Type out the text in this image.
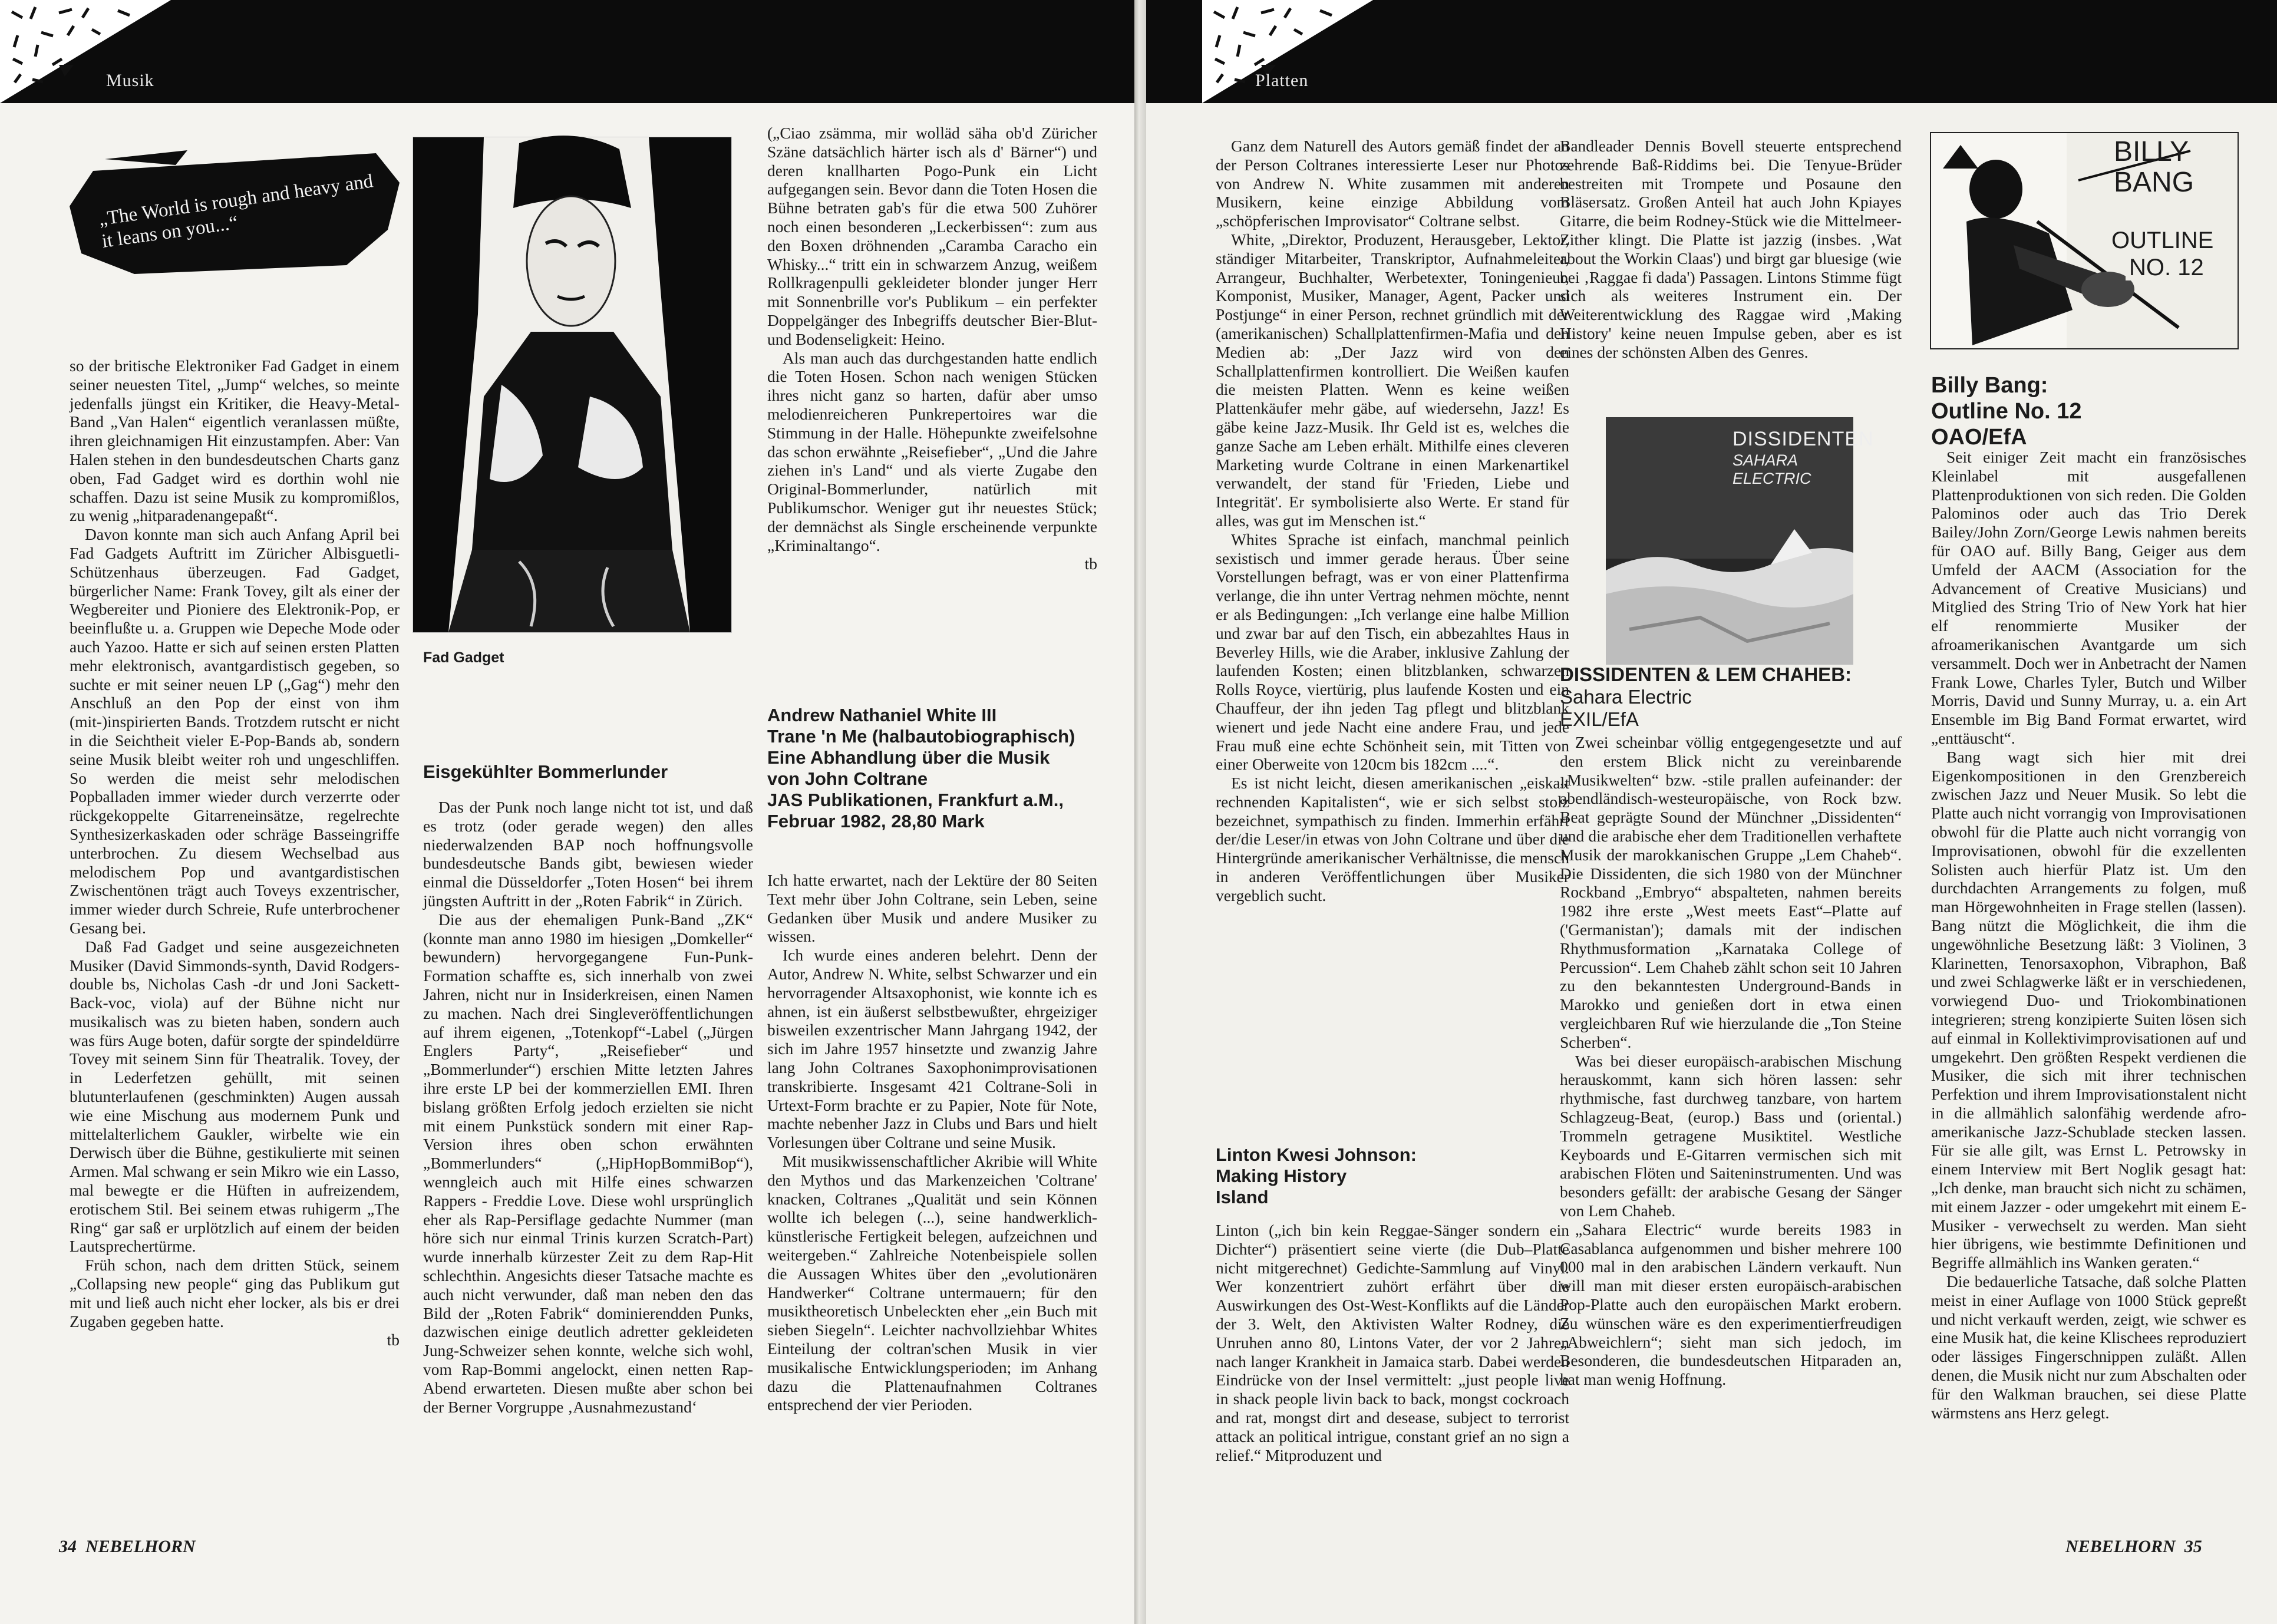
Musik
„The World is rough and heavy and it leans on you...“
Fad Gadget

so der britische Elektroniker Fad Gadget in einem seiner neuesten Titel, „Jump“ welches, so meinte jedenfalls jüngst ein Kritiker, die Heavy-Metal-Band „Van Halen“ eigentlich veranlassen müßte, ihren gleichnamigen Hit einzustampfen. Aber: Van Halen stehen in den bundesdeutschen Charts ganz oben, Fad Gadget wird es dorthin wohl nie schaffen. Dazu ist seine Musik zu kompromißlos, zu wenig „hitparadenangepaßt“.

Davon konnte man sich auch Anfang April bei Fad Gadgets Auftritt im Züricher Albisguetli-Schützenhaus überzeugen. Fad Gadget, bürgerlicher Name: Frank Tovey, gilt als einer der Wegbereiter und Pioniere des Elektronik-Pop, er beeinflußte u. a. Gruppen wie Depeche Mode oder auch Yazoo. Hatte er sich auf seinen ersten Platten mehr elektronisch, avantgardistisch gegeben, so suchte er mit seiner neuen LP („Gag“) mehr den Anschluß an den Pop der einst von ihm (mit-)inspirierten Bands. Trotzdem rutscht er nicht in die Seichtheit vieler E-Pop-Bands ab, sondern seine Musik bleibt weiter roh und ungeschliffen. So werden die meist sehr melodischen Popballaden immer wieder durch verzerrte oder rückgekoppelte Gitarreneinsätze, regelrechte Synthesizerkaskaden oder schräge Basseingriffe unterbrochen. Zu diesem Wechselbad aus melodischem Pop und avantgardistischen Zwischentönen trägt auch Toveys exzentrischer, immer wieder durch Schreie, Rufe unterbrochener Gesang bei.

Daß Fad Gadget und seine ausgezeichneten Musiker (David Simmonds-synth, David Rodgers-double bs, Nicholas Cash -dr und Joni Sackett-Back-voc, viola) auf der Bühne nicht nur musikalisch was zu bieten haben, sondern auch was fürs Auge boten, dafür sorgte der spindeldürre Tovey mit seinem Sinn für Theatralik. Tovey, der in Lederfetzen gehüllt, mit seinen blutunterlaufenen (geschminkten) Augen aussah wie eine Mischung aus modernem Punk und mittelalterlichem Gaukler, wirbelte wie ein Derwisch über die Bühne, gestikulierte mit seinen Armen. Mal schwang er sein Mikro wie ein Lasso, mal bewegte er die Hüften in aufreizendem, erotischem Stil. Bei seinem etwas ruhigerm „The Ring“ gar saß er urplötzlich auf einem der beiden Lautsprechertürme.

Früh schon, nach dem dritten Stück, seinem „Collapsing new people“ ging das Publikum gut mit und ließ auch nicht eher locker, als bis er drei Zugaben gegeben hatte.

tb

Eisgekühlter Bommerlunder

Das der Punk noch lange nicht tot ist, und daß es trotz (oder gerade wegen) den alles niederwalzenden BAP noch hoffnungsvolle bundesdeutsche Bands gibt, bewiesen wieder einmal die Düsseldorfer „Toten Hosen“ bei ihrem jüngsten Auftritt in der „Roten Fabrik“ in Zürich.

Die aus der ehemaligen Punk-Band „ZK“ (konnte man anno 1980 im hiesigen „Domkeller“ bewundern) hervorgegangene Fun-Punk-Formation schaffte es, sich innerhalb von zwei Jahren, nicht nur in Insiderkreisen, einen Namen zu machen. Nach drei Singleveröffentlichungen auf ihrem eigenen, „Totenkopf“-Label („Jürgen Englers Party“, „Reisefieber“ und „Bommerlunder“) erschien Mitte letzten Jahres ihre erste LP bei der kommerziellen EMI. Ihren bislang größten Erfolg jedoch erzielten sie nicht mit einem Punkstück sondern mit einer Rap-Version ihres oben schon erwähnten „Bommerlunders“ („HipHopBommiBop“), wenngleich auch mit Hilfe eines schwarzen Rappers - Freddie Love. Diese wohl ursprünglich eher als Rap-Persiflage gedachte Nummer (man höre sich nur einmal Trinis kurzen Scratch-Part) wurde innerhalb kürzester Zeit zu dem Rap-Hit schlechthin. Angesichts dieser Tatsache machte es auch nicht verwunder, daß man neben den das Bild der „Roten Fabrik“ dominierendden Punks, dazwischen einige deutlich adretter gekleideten Jung-Schweizer sehen konnte, welche sich wohl, vom Rap-Bommi angelockt, einen netten Rap-Abend erwarteten. Diesen mußte aber schon bei der Berner Vorgruppe ‚Ausnahmezustand‘

(„Ciao zsämma, mir wolläd säha ob'd Züricher Szäne datsächlich härter isch als d' Bärner“) und deren knallharten Pogo-Punk ein Licht aufgegangen sein. Bevor dann die Toten Hosen die Bühne betraten gab's für die etwa 500 Zuhörer noch einen besonderen „Leckerbissen“: zum aus den Boxen dröhnenden „Caramba Caracho ein Whisky...“ tritt ein in schwarzem Anzug, weißem Rollkragenpulli gekleideter blonder junger Herr mit Sonnenbrille vor's Publikum – ein perfekter Doppelgänger des Inbegriffs deutscher Bier-Blut- und Bodenseligkeit: Heino.

Als man auch das durchgestanden hatte endlich die Toten Hosen. Schon nach wenigen Stücken ihres nicht ganz so harten, dafür aber umso melodienreicheren Punkrepertoires war die Stimmung in der Halle. Höhepunkte zweifelsohne das schon erwähnte „Reisefieber“, „Und die Jahre ziehen in's Land“ und als vierte Zugabe den Original-Bommerlunder, natürlich mit Publikumschor. Weniger gut ihr neuestes Stück; der demnächst als Single erscheinende verpunkte „Kriminaltango“.

tb

Andrew Nathaniel White III
Trane 'n Me (halbautobiographisch)
Eine Abhandlung über die Musik
von John Coltrane
JAS Publikationen, Frankfurt a.M.,
Februar 1982, 28,80 Mark

Ich hatte erwartet, nach der Lektüre der 80 Seiten Text mehr über John Coltrane, sein Leben, seine Gedanken über Musik und andere Musiker zu wissen.

Ich wurde eines anderen belehrt. Denn der Autor, Andrew N. White, selbst Schwarzer und ein hervorragender Altsaxophonist, wie konnte ich es ahnen, ist ein äußerst selbstbewußter, ehrgeiziger bisweilen exzentrischer Mann Jahrgang 1942, der sich im Jahre 1957 hinsetzte und zwanzig Jahre lang John Coltranes Saxophonimprovisationen transkribierte. Insgesamt 421 Coltrane-Soli in Urtext-Form brachte er zu Papier, Note für Note, machte nebenher Jazz in Clubs und Bars und hielt Vorlesungen über Coltrane und seine Musik.

Mit musikwissenschaftlicher Akribie will White den Mythos und das Markenzeichen 'Coltrane' knacken, Coltranes „Qualität und sein Können wollte ich belegen (...), seine handwerklich-künstlerische Fertigkeit belegen, aufzeichnen und weitergeben.“ Zahlreiche Notenbeispiele sollen die Aussagen Whites über den „evolutionären Handwerker“ Coltrane untermauern; für den musiktheoretisch Unbeleckten eher „ein Buch mit sieben Siegeln“. Leichter nachvollziehbar Whites Einteilung der coltran'schen Musik in vier musikalische Entwicklungsperioden; im Anhang dazu die Plattenaufnahmen Coltranes entsprechend der vier Perioden.

34 NEBELHORN
Platten

Ganz dem Naturell des Autors gemäß findet der an der Person Coltranes interessierte Leser nur Photos von Andrew N. White zusammen mit anderen Musikern, keine einzige Abbildung vom „schöpferischen Improvisator“ Coltrane selbst.

White, „Direktor, Produzent, Herausgeber, Lektor, ständiger Mitarbeiter, Transkriptor, Aufnahmeleiter, Arrangeur, Buchhalter, Werbetexter, Toningenieur, Komponist, Musiker, Manager, Agent, Packer und Postjunge“ in einer Person, rechnet gründlich mit der (amerikanischen) Schallplattenfirmen-Mafia und den Medien ab: „Der Jazz wird von den Schallplattenfirmen kontrolliert. Die Weißen kaufen die meisten Platten. Wenn es keine weißen Plattenkäufer mehr gäbe, auf wiedersehn, Jazz! Es gäbe keine Jazz-Musik. Ihr Geld ist es, welches die ganze Sache am Leben erhält. Mithilfe eines cleveren Marketing wurde Coltrane in einen Markenartikel verwandelt, der stand für 'Frieden, Liebe und Integrität'. Er symbolisierte also Werte. Er stand für alles, was gut im Menschen ist.“

Whites Sprache ist einfach, manchmal peinlich sexistisch und immer gerade heraus. Über seine Vorstellungen befragt, was er von einer Plattenfirma verlange, die ihn unter Vertrag nehmen möchte, nennt er als Bedingungen: „Ich verlange eine halbe Million und zwar bar auf den Tisch, ein abbezahltes Haus in Beverley Hills, wie die Araber, inklusive Zahlung der laufenden Kosten; einen blitzblanken, schwarzen Rolls Royce, viertürig, plus laufende Kosten und ein Chauffeur, der ihn jeden Tag pflegt und blitzblank wienert und jede Nacht eine andere Frau, und jede Frau muß eine echte Schönheit sein, mit Titten von einer Oberweite von 120cm bis 182cm ....“.

Es ist nicht leicht, diesen amerikanischen „eiskalt rechnenden Kapitalisten“, wie er sich selbst stolz bezeichnet, sympathisch zu finden. Immerhin erfährt der/die Leser/in etwas von John Coltrane und über die Hintergründe amerikanischer Verhältnisse, die mensch in anderen Veröffentlichungen über Musiker vergeblich sucht.

Linton Kwesi Johnson:
Making History
Island

Linton („ich bin kein Reggae-Sänger sondern ein Dichter“) präsentiert seine vierte (die Dub–Platte nicht mitgerechnet) Gedichte-Sammlung auf Vinyl. Wer konzentriert zuhört erfährt über die Auswirkungen des Ost-West-Konflikts auf die Länder der 3. Welt, den Aktivisten Walter Rodney, die Unruhen anno 80, Lintons Vater, der vor 2 Jahren nach langer Krankheit in Jamaica starb. Dabei werden Eindrücke von der Insel vermittelt: „just people live in shack people livin back to back, mongst cockroach and rat, mongst dirt and desease, subject to terrorist attack an political intrigue, constant grief an no sign a relief.“ Mitproduzent und

Bandleader Dennis Bovell steuerte entsprechend zehrende Baß-Riddims bei. Die Tenyue-Brüder bestreiten mit Trompete und Posaune den Bläsersatz. Großen Anteil hat auch John Kpiayes Gitarre, die beim Rodney-Stück wie die Mittelmeer-Zither klingt. Die Platte ist jazzig (insbes. ‚Wat about the Workin Claas') und birgt gar bluesige (wie bei ‚Raggae fi dada') Passagen. Lintons Stimme fügt sich als weiteres Instrument ein. Der Weiterentwicklung des Raggae wird ‚Making History' keine neuen Impulse geben, aber es ist eines der schönsten Alben des Genres.

DISSIDENTEN
SAHARA ELECTRIC
DISSIDENTEN & LEM CHAHEB:
Sahara Electric
EXIL/EfA

Zwei scheinbar völlig entgegengesetzte und auf den erstem Blick nicht zu vereinbarende „Musikwelten“ bzw. -stile prallen aufeinander: der abendländisch-westeuropäische, von Rock bzw. Beat geprägte Sound der Münchner „Dissidenten“ und die arabische eher dem Traditionellen verhaftete Musik der marokkanischen Gruppe „Lem Chaheb“. Die Dissidenten, die sich 1980 von der Münchner Rockband „Embryo“ abspalteten, nahmen bereits 1982 ihre erste „West meets East“–Platte auf ('Germanistan'); damals mit der indischen Rhythmusformation „Karnataka College of Percussion“. Lem Chaheb zählt schon seit 10 Jahren zu den bekanntesten Underground-Bands in Marokko und genießen dort in etwa einen vergleichbaren Ruf wie hierzulande die „Ton Steine Scherben“.

Was bei dieser europäisch-arabischen Mischung herauskommt, kann sich hören lassen: sehr rhythmische, fast durchweg tanzbare, von hartem Schlagzeug-Beat, (europ.) Bass und (oriental.) Trommeln getragene Musiktitel. Westliche Keyboards und E-Gitarren vermischen sich mit arabischen Flöten und Saiteninstrumenten. Und was besonders gefällt: der arabische Gesang der Sänger von Lem Chaheb.

„Sahara Electric“ wurde bereits 1983 in Casablanca aufgenommen und bisher mehrere 100 000 mal in den arabischen Ländern verkauft. Nun will man mit dieser ersten europäisch-arabischen Pop-Platte auch den europäischen Markt erobern. Zu wünschen wäre es den experimentierfreudigen „Abweichlern“; sieht man sich jedoch, im Besonderen, die bundesdeutschen Hitparaden an, hat man wenig Hoffnung.

BILLY
BANG
OUTLINE
NO. 12
Billy Bang:
Outline No. 12
OAO/EfA

Seit einiger Zeit macht ein französisches Kleinlabel mit ausgefallenen Plattenproduktionen von sich reden. Die Golden Palominos oder auch das Trio Derek Bailey/John Zorn/George Lewis nahmen bereits für OAO auf. Billy Bang, Geiger aus dem Umfeld der AACM (Association for the Advancement of Creative Musicians) und Mitglied des String Trio of New York hat hier elf renommierte Musiker der afroamerikanischen Avantgarde um sich versammelt. Doch wer in Anbetracht der Namen Frank Lowe, Charles Tyler, Butch und Wilber Morris, David und Sunny Murray, u. a. ein Art Ensemble im Big Band Format erwartet, wird „enttäuscht“.

Bang wagt sich hier mit drei Eigenkompositionen in den Grenzbereich zwischen Jazz und Neuer Musik. So lebt die Platte auch nicht vorrangig von Improvisationen obwohl für die Platte auch nicht vorrangig von Improvisationen, obwohl für die exzellenten Solisten auch hierfür Platz ist. Um den durchdachten Arrangements zu folgen, muß man Hörgewohnheiten in Frage stellen (lassen). Bang nützt die Möglichkeit, die ihm die ungewöhnliche Besetzung läßt: 3 Violinen, 3 Klarinetten, Tenorsaxophon, Vibraphon, Baß und zwei Schlagwerke läßt er in verschiedenen, vorwiegend Duo- und Triokombinationen integrieren; streng konzipierte Suiten lösen sich auf einmal in Kollektivimprovisationen auf und umgekehrt. Den größten Respekt verdienen die Musiker, die sich mit ihrer technischen Perfektion und ihrem Improvisationstalent nicht in die allmählich salonfähig werdende afro-amerikanische Jazz-Schublade stecken lassen. Für sie alle gilt, was Ernst L. Petrowsky in einem Interview mit Bert Noglik gesagt hat: „Ich denke, man braucht sich nicht zu schämen, mit einem Jazzer - oder umgekehrt mit einem E-Musiker - verwechselt zu werden. Man sieht hier übrigens, wie bestimmte Definitionen und Begriffe allmählich ins Wanken geraten.“

Die bedauerliche Tatsache, daß solche Platten meist in einer Auflage von 1000 Stück gepreßt und nicht verkauft werden, zeigt, wie schwer es eine Musik hat, die keine Klischees reproduziert oder lässiges Fingerschnippen zuläßt. Allen denen, die Musik nicht nur zum Abschalten oder für den Walkman brauchen, sei diese Platte wärmstens ans Herz gelegt.

NEBELHORN 35
